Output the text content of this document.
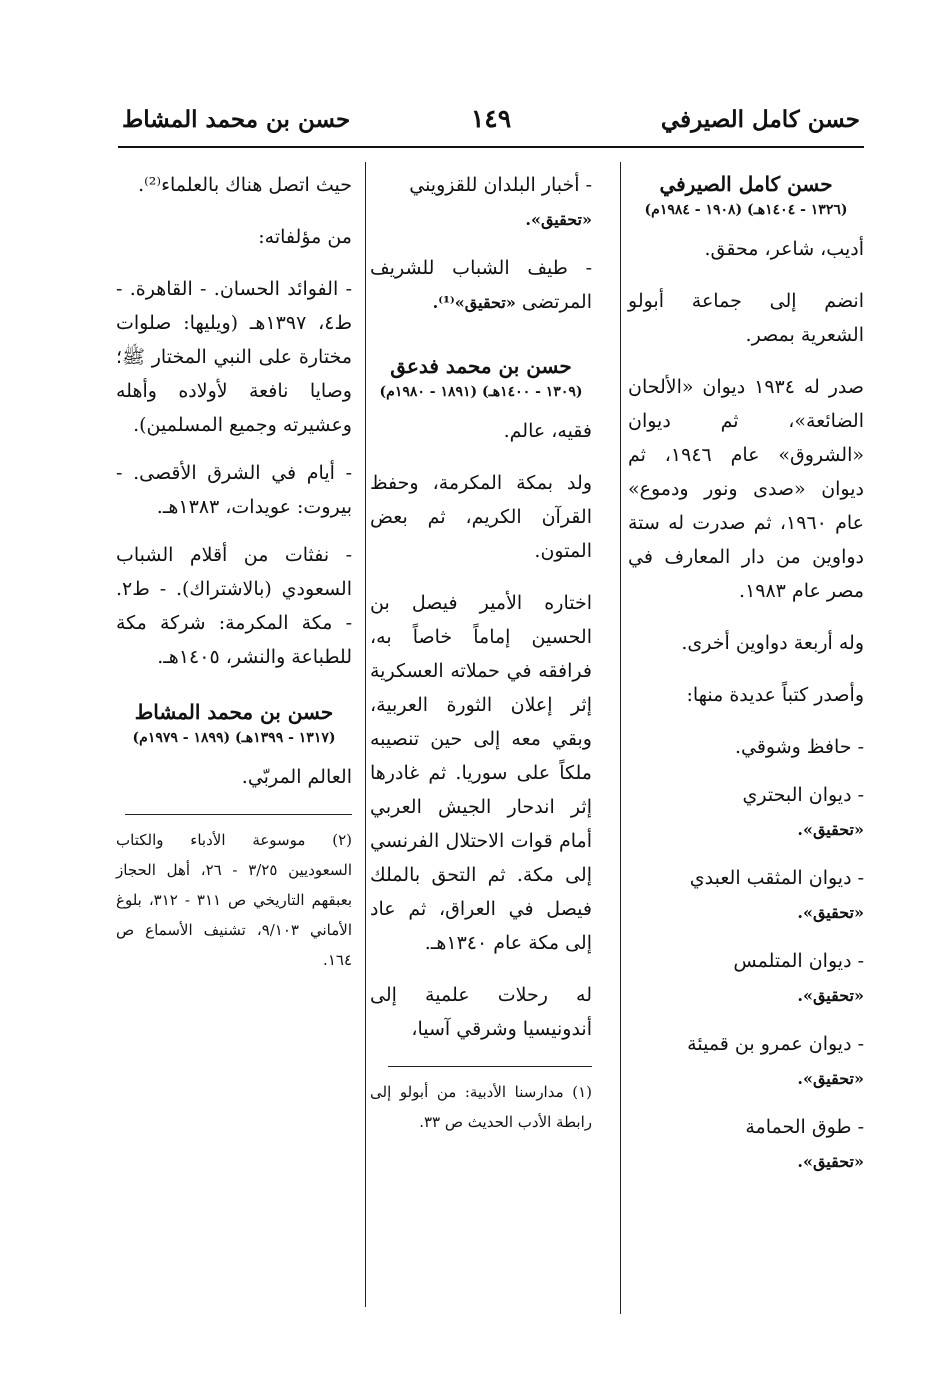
حسن كامل الصيرفي
١٤٩
حسن بن محمد المشاط
حسن كامل الصيرفي
(١٣٢٦ - ١٤٠٤هـ) (١٩٠٨ - ١٩٨٤م)

أديب، شاعر، محقق.

انضم إلى جماعة أبولو الشعرية بمصر.

صدر له ١٩٣٤ ديوان «الألحان الضائعة»، ثم ديوان «الشروق» عام ١٩٤٦، ثم ديوان «صدى ونور ودموع» عام ١٩٦٠، ثم صدرت له ستة دواوين من دار المعارف في مصر عام ١٩٨٣.

وله أربعة دواوين أخرى.

وأصدر كتباً عديدة منها:

- حافظ وشوقي.
- ديوان البحتري
«تحقيق».
- ديوان المثقب العبدي
«تحقيق».
- ديوان المتلمس
«تحقيق».
- ديوان عمرو بن قميئة
«تحقيق».
- طوق الحمامة
«تحقيق».
- أخبار البلدان للقزويني
«تحقيق».
- طيف الشباب للشريف المرتضى «تحقيق»⁽¹⁾.
حسن بن محمد فدعق
(١٣٠٩ - ١٤٠٠هـ) (١٨٩١ - ١٩٨٠م)

فقيه، عالم.

ولد بمكة المكرمة، وحفظ القرآن الكريم، ثم بعض المتون.

اختاره الأمير فيصل بن الحسين إماماً خاصاً به، فرافقه في حملاته العسكرية إثر إعلان الثورة العربية، وبقي معه إلى حين تنصيبه ملكاً على سوريا. ثم غادرها إثر اندحار الجيش العربي أمام قوات الاحتلال الفرنسي إلى مكة. ثم التحق بالملك فيصل في العراق، ثم عاد إلى مكة عام ١٣٤٠هـ.

له رحلات علمية إلى أندونيسيا وشرقي آسيا،

(١) مدارسنا الأدبية: من أبولو إلى رابطة الأدب الحديث ص ٣٣.

حيث اتصل هناك بالعلماء⁽²⁾.

من مؤلفاته:

- الفوائد الحسان. - القاهرة. - ط٤، ١٣٩٧هـ (ويليها: صلوات مختارة على النبي المختار ﷺ؛ وصايا نافعة لأولاده وأهله وعشيرته وجميع المسلمين).
- أيام في الشرق الأقصى. - بيروت: عويدات، ١٣٨٣هـ.
- نفثات من أقلام الشباب السعودي (بالاشتراك). - ط٢. - مكة المكرمة: شركة مكة للطباعة والنشر، ١٤٠٥هـ.
حسن بن محمد المشاط
(١٣١٧ - ١٣٩٩هـ) (١٨٩٩ - ١٩٧٩م)

العالم المربّي.

(٢) موسوعة الأدباء والكتاب السعوديين ٣/٢٥ - ٢٦، أهل الحجاز بعبقهم التاريخي ص ٣١١ - ٣١٢، بلوغ الأماني ٩/١٠٣، تشنيف الأسماع ص ١٦٤.
